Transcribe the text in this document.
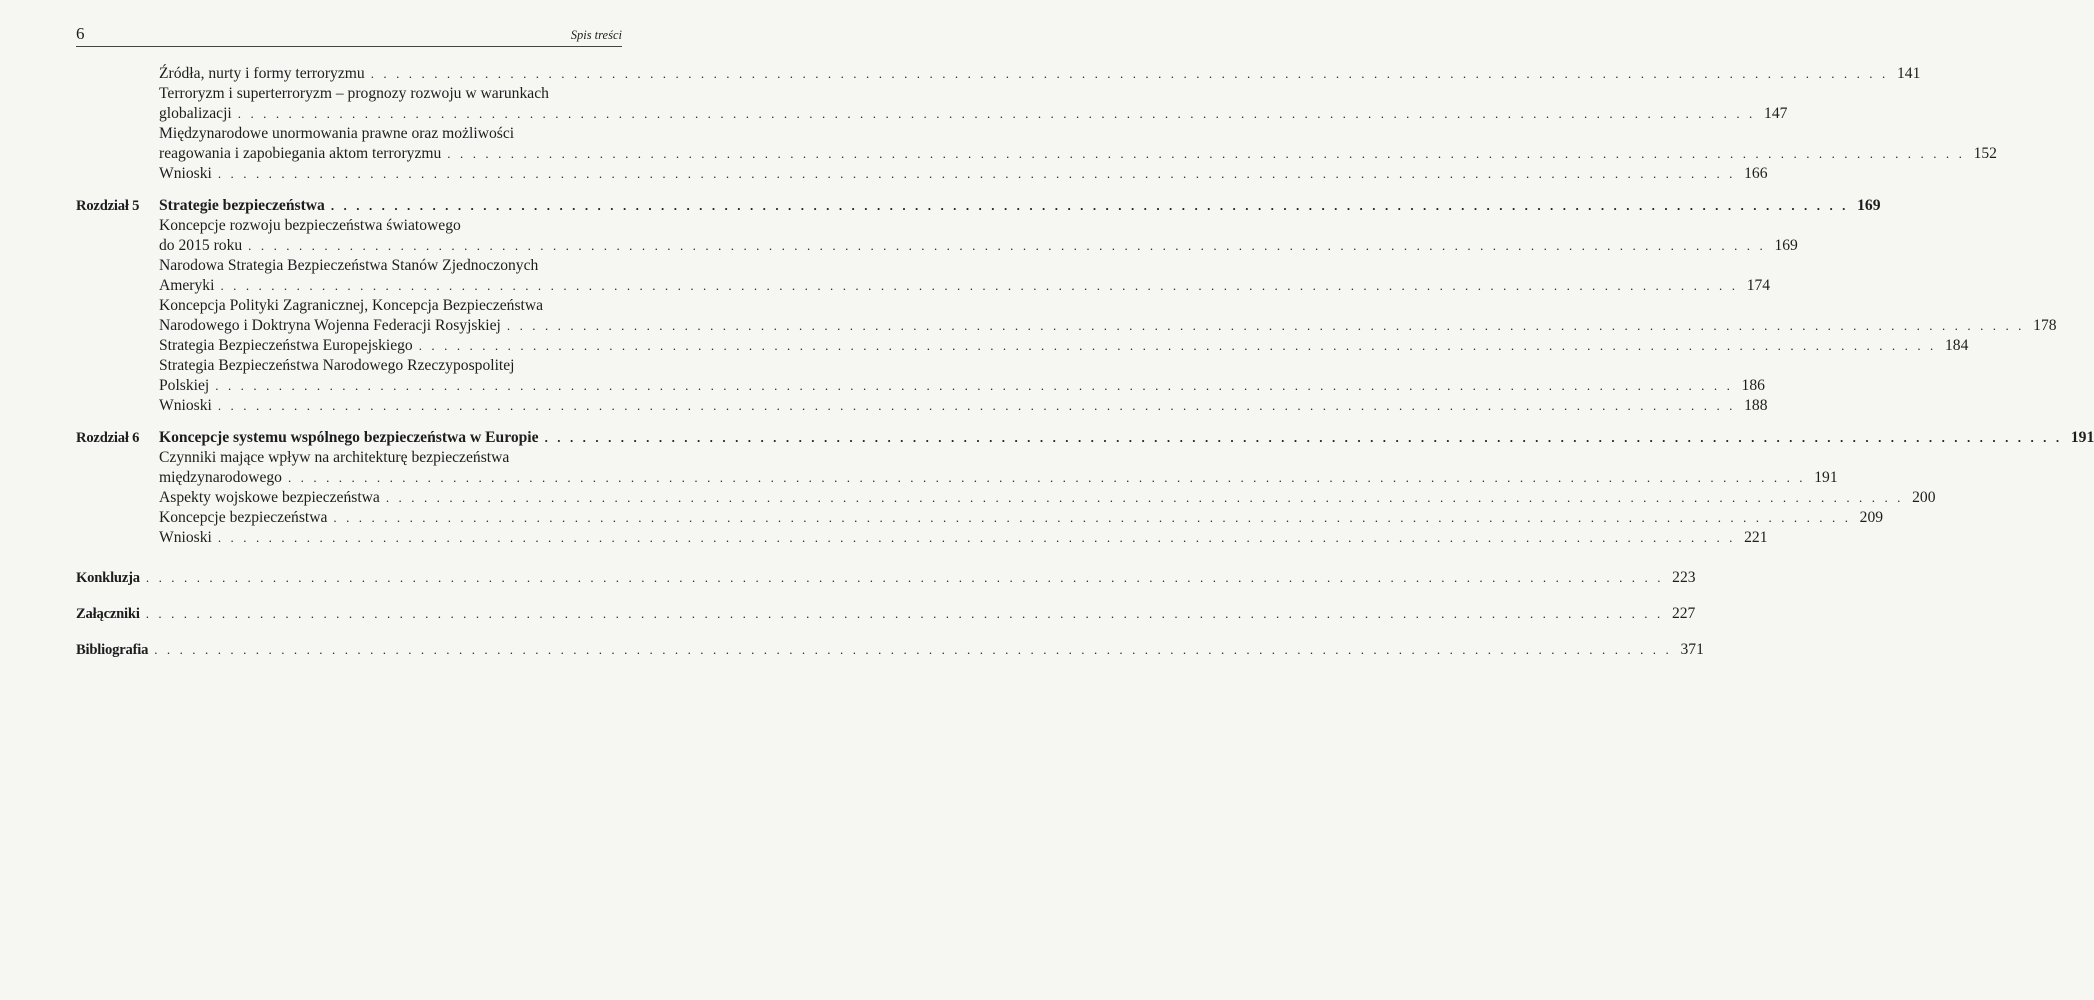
6	Spis treści
Źródła, nurty i formy terroryzmu . . . . . . . . . . . . . . . . . . . . . . . . . . . . . . . . . . . . . . . . . . . . . . . . . . . . . . . . . . . . . . . . . . . . . . . . . . . . . . . . . . . . . . . . . . . . . . . . . . . . . . . . . . . . . . . . . . . . . . . . 141
Terroryzm i superterroryzm – prognozy rozwoju w warunkach
globalizacji . . . . . . . . . . . . . . . . . . . . . . . . . . . . . . . . . . . . . . . . . . . . . . . . . . . . . . . . . . . . . . . . . . . . . . . . . . . . . . . . . . . . . . . . . . . . . . . . . . . . . . . . . . . . . . . . . . . . . . . . 147
Międzynarodowe unormowania prawne oraz możliwości
reagowania i zapobiegania aktom terroryzmu . . . . . . . . . . . . . . . . . . . . . . . . . . . . . . . . . . . . . . . . . . . . . . . . . . . . . . . . . . . . . . . . . . . . . . . . . . . . . . . . . . . . . . . . . . . . . . . . . . . . . . . . . . . . . . . . . . . . . . . . 152
Wnioski . . . . . . . . . . . . . . . . . . . . . . . . . . . . . . . . . . . . . . . . . . . . . . . . . . . . . . . . . . . . . . . . . . . . . . . . . . . . . . . . . . . . . . . . . . . . . . . . . . . . . . . . . . . . . . . . . . . . . . . . 166
Rozdział 5 Strategie bezpieczeństwa . . . . . . . . . . . . . . . . . . . . . . . . . . . . . . . . . . . . . . . . . . . . . . . . . . . . . . . . . . . . . . . . . . . . . . . . . . . . . . . . . . . . . . . . . . . . . . . . . . . . . . . . . . . . . . . . . . . . . . . . 169
Koncepcje rozwoju bezpieczeństwa światowego
do 2015 roku . . . . . . . . . . . . . . . . . . . . . . . . . . . . . . . . . . . . . . . . . . . . . . . . . . . . . . . . . . . . . . . . . . . . . . . . . . . . . . . . . . . . . . . . . . . . . . . . . . . . . . . . . . . . . . . . . . . . . . . . 169
Narodowa Strategia Bezpieczeństwa Stanów Zjednoczonych
Ameryki . . . . . . . . . . . . . . . . . . . . . . . . . . . . . . . . . . . . . . . . . . . . . . . . . . . . . . . . . . . . . . . . . . . . . . . . . . . . . . . . . . . . . . . . . . . . . . . . . . . . . . . . . . . . . . . . . . . . . . . . 174
Koncepcja Polityki Zagranicznej, Koncepcja Bezpieczeństwa
Narodowego i Doktryna Wojenna Federacji Rosyjskiej . . . . . . . . . . . . . . . . . . . . . . . . . . . . . . . . . . . . . . . . . . . . . . . . . . . . . . . . . . . . . . . . . . . . . . . . . . . . . . . . . . . . . . . . . . . . . . . . . . . . . . . . . . . . . . . . . . . . . . . . 178
Strategia Bezpieczeństwa Europejskiego . . . . . . . . . . . . . . . . . . . . . . . . . . . . . . . . . . . . . . . . . . . . . . . . . . . . . . . . . . . . . . . . . . . . . . . . . . . . . . . . . . . . . . . . . . . . . . . . . . . . . . . . . . . . . . . . . . . . . . . . 184
Strategia Bezpieczeństwa Narodowego Rzeczypospolitej
Polskiej . . . . . . . . . . . . . . . . . . . . . . . . . . . . . . . . . . . . . . . . . . . . . . . . . . . . . . . . . . . . . . . . . . . . . . . . . . . . . . . . . . . . . . . . . . . . . . . . . . . . . . . . . . . . . . . . . . . . . . . . 186
Wnioski . . . . . . . . . . . . . . . . . . . . . . . . . . . . . . . . . . . . . . . . . . . . . . . . . . . . . . . . . . . . . . . . . . . . . . . . . . . . . . . . . . . . . . . . . . . . . . . . . . . . . . . . . . . . . . . . . . . . . . . . 188
Rozdział 6 Koncepcje systemu wspólnego bezpieczeństwa w Europie . . . . . . . . . . . . . . . . . . . . . . . . . . . . . . . . . . . . . . . . . . . . . . . . . . . . . . . . . . . . . . . . . . . . . . . . . . . . . . . . . . . . . . . . . . . . . . . . . . . . . . . . . . . . . . . . . . . . . . . . 191
Czynniki mające wpływ na architekturę bezpieczeństwa
międzynarodowego . . . . . . . . . . . . . . . . . . . . . . . . . . . . . . . . . . . . . . . . . . . . . . . . . . . . . . . . . . . . . . . . . . . . . . . . . . . . . . . . . . . . . . . . . . . . . . . . . . . . . . . . . . . . . . . . . . . . . . . . 191
Aspekty wojskowe bezpieczeństwa . . . . . . . . . . . . . . . . . . . . . . . . . . . . . . . . . . . . . . . . . . . . . . . . . . . . . . . . . . . . . . . . . . . . . . . . . . . . . . . . . . . . . . . . . . . . . . . . . . . . . . . . . . . . . . . . . . . . . . . . 200
Koncepcje bezpieczeństwa . . . . . . . . . . . . . . . . . . . . . . . . . . . . . . . . . . . . . . . . . . . . . . . . . . . . . . . . . . . . . . . . . . . . . . . . . . . . . . . . . . . . . . . . . . . . . . . . . . . . . . . . . . . . . . . . . . . . . . . . 209
Wnioski . . . . . . . . . . . . . . . . . . . . . . . . . . . . . . . . . . . . . . . . . . . . . . . . . . . . . . . . . . . . . . . . . . . . . . . . . . . . . . . . . . . . . . . . . . . . . . . . . . . . . . . . . . . . . . . . . . . . . . . . 221
Konkluzja . . . . . . . . . . . . . . . . . . . . . . . . . . . . . . . . . . . . . . . . . . . . . . . . . . . . . . . . . . . . . . . . . . . . . . . . . . . . . . . . . . . . . . . . . . . . . . . . . . . . . . . . . . . . . . . . . . . . . . . . 223
Załączniki . . . . . . . . . . . . . . . . . . . . . . . . . . . . . . . . . . . . . . . . . . . . . . . . . . . . . . . . . . . . . . . . . . . . . . . . . . . . . . . . . . . . . . . . . . . . . . . . . . . . . . . . . . . . . . . . . . . . . . . . 227
Bibliografia . . . . . . . . . . . . . . . . . . . . . . . . . . . . . . . . . . . . . . . . . . . . . . . . . . . . . . . . . . . . . . . . . . . . . . . . . . . . . . . . . . . . . . . . . . . . . . . . . . . . . . . . . . . . . . . . . . . . . . . . 371
